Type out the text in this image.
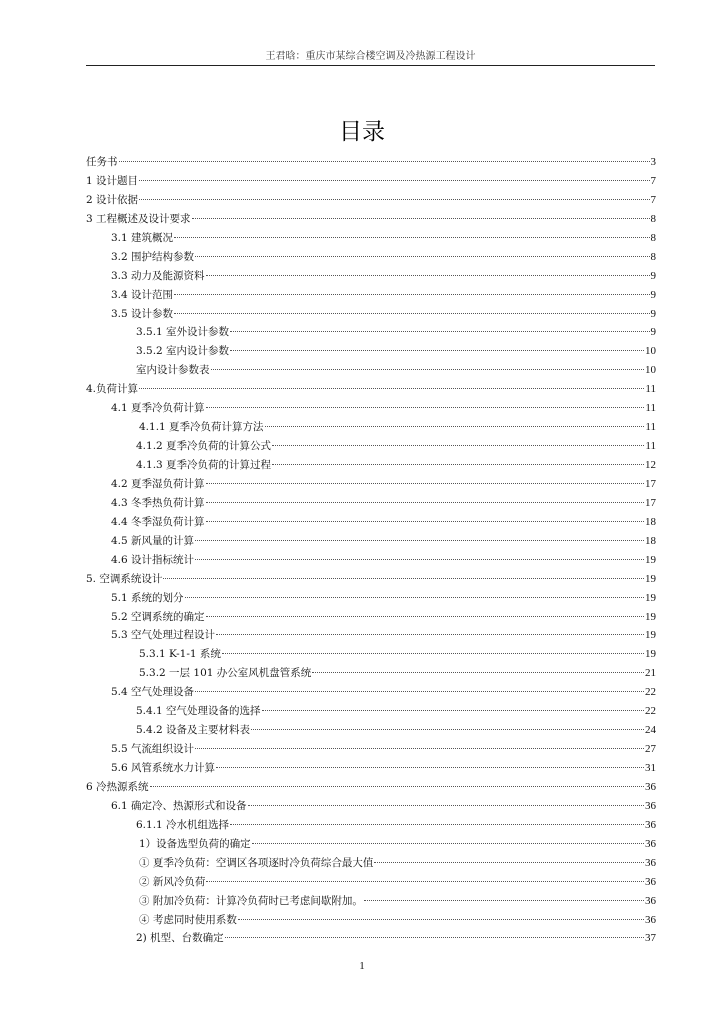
王君晗：重庆市某综合楼空调及冷热源工程设计
目录
任务书	3
1 设计题目	7
2 设计依据	7
3 工程概述及设计要求	8
3.1 建筑概况	8
3.2 围护结构参数	8
3.3 动力及能源资料	9
3.4 设计范围	9
3.5 设计参数	9
3.5.1 室外设计参数	9
3.5.2 室内设计参数	10
室内设计参数表	10
4.负荷计算	11
4.1 夏季冷负荷计算	11
4.1.1 夏季冷负荷计算方法	11
4.1.2 夏季冷负荷的计算公式	11
4.1.3 夏季冷负荷的计算过程	12
4.2 夏季湿负荷计算	17
4.3 冬季热负荷计算	17
4.4 冬季湿负荷计算	18
4.5 新风量的计算	18
4.6 设计指标统计	19
5. 空调系统设计	19
5.1 系统的划分	19
5.2 空调系统的确定	19
5.3 空气处理过程设计	19
5.3.1 K-1-1 系统	19
5.3.2 一层 101 办公室风机盘管系统	21
5.4 空气处理设备	22
5.4.1 空气处理设备的选择	22
5.4.2 设备及主要材料表	24
5.5 气流组织设计	27
5.6 风管系统水力计算	31
6 冷热源系统	36
6.1 确定冷、热源形式和设备	36
6.1.1 冷水机组选择	36
1）设备选型负荷的确定	36
① 夏季冷负荷：空调区各项逐时冷负荷综合最大值	36
② 新风冷负荷	36
③ 附加冷负荷：计算冷负荷时已考虑间歇附加。	36
④ 考虑同时使用系数	36
2) 机型、台数确定	37
1
